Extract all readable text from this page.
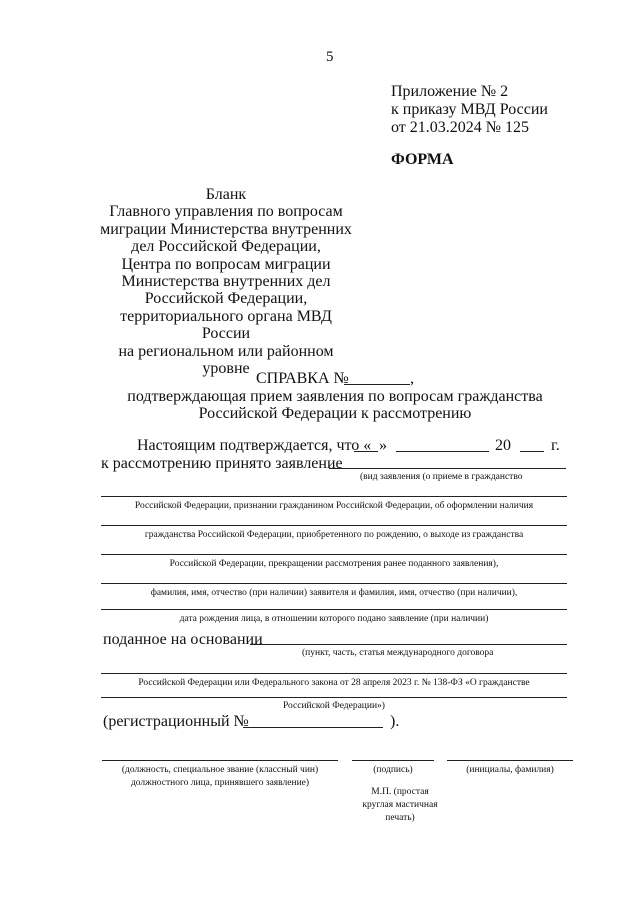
5
Приложение № 2
к приказу МВД России
от 21.03.2024 № 125
ФОРМА
Бланк
Главного управления по вопросам
миграции Министерства внутренних
дел Российской Федерации,
Центра по вопросам миграции
Министерства внутренних дел
Российской Федерации,
территориального органа МВД России
на региональном или районном уровне
СПРАВКА №	,
подтверждающая прием заявления по вопросам гражданства
Российской Федерации к рассмотрению
Настоящим подтверждается, что « »	20	г.
к рассмотрению принято заявление
(вид заявления (о приеме в гражданство
Российской Федерации, признании гражданином Российской Федерации, об оформлении наличия
гражданства Российской Федерации, приобретенного по рождению, о выходе из гражданства
Российской Федерации, прекращении рассмотрения ранее поданного заявления),
фамилия, имя, отчество (при наличии) заявителя и фамилия, имя, отчество (при наличии),
дата рождения лица, в отношении которого подано заявление (при наличии)
поданное на основании
(пункт, часть, статья международного договора
Российской Федерации или Федерального закона от 28 апреля 2023 г. № 138-ФЗ «О гражданстве
Российской Федерации»)
(регистрационный №	).
(должность, специальное звание (классный чин)
должностного лица, принявшего заявление)
(подпись)	(инициалы, фамилия)
М.П. (простая
круглая мастичная
печать)
